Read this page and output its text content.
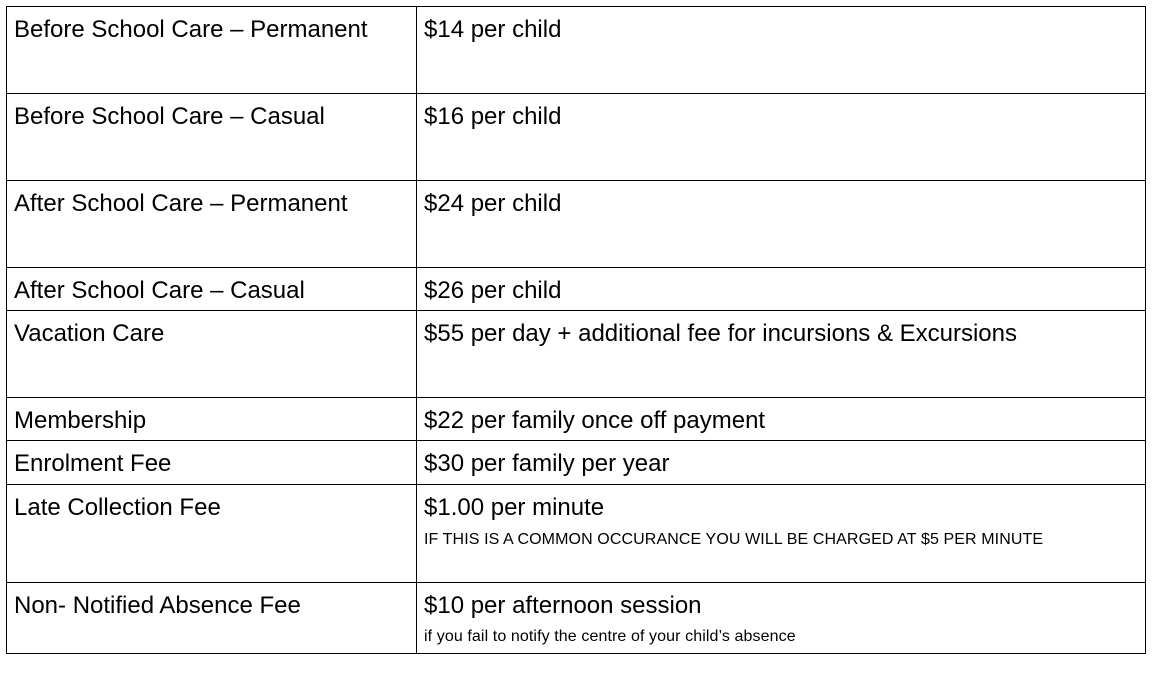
Before School Care – Permanent	$14 per child
Before School Care – Casual	$16 per child
After School Care – Permanent	$24 per child
After School Care – Casual	$26 per child
Vacation Care	$55 per day + additional fee for incursions & Excursions
Membership	$22 per family once off payment
Enrolment Fee	$30 per family per year
Late Collection Fee	$1.00 per minute
IF THIS IS A COMMON OCCURANCE YOU WILL BE CHARGED AT $5 PER MINUTE

Non- Notified Absence Fee	$10 per afternoon session
if you fail to notify the centre of your child’s absence
